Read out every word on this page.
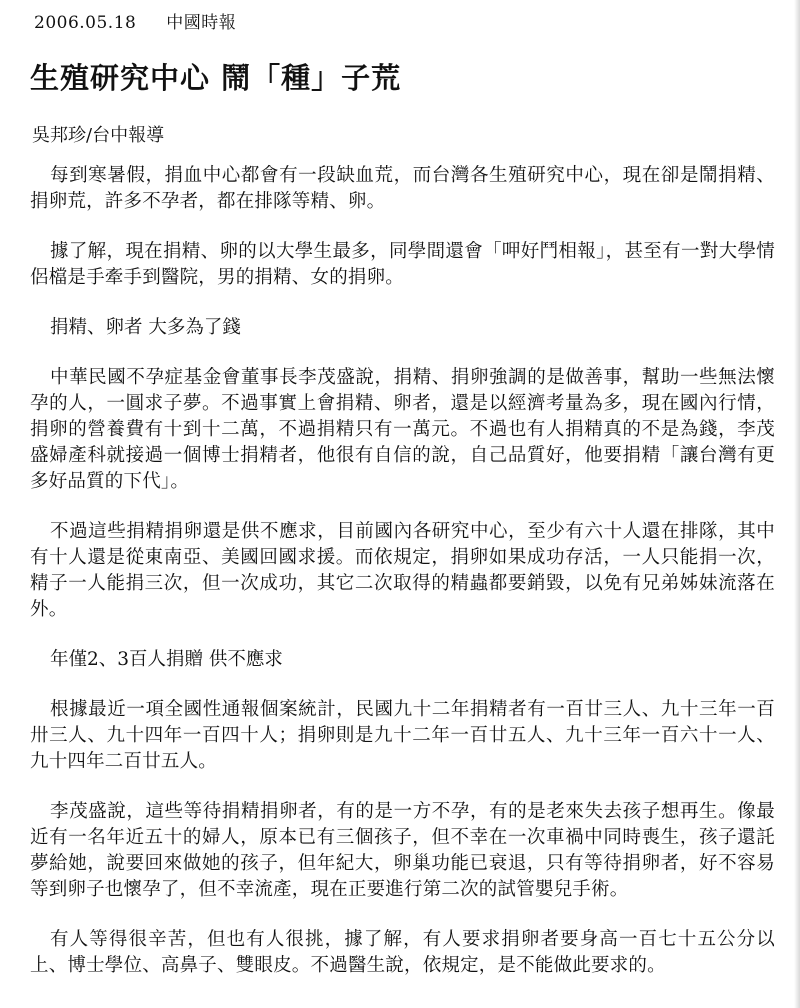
2006.05.18 中國時報
生殖研究中心 鬧「種」子荒
吳邦珍/台中報導

每到寒暑假，捐血中心都會有一段缺血荒，而台灣各生殖研究中心，現在卻是鬧捐精、捐卵荒，許多不孕者，都在排隊等精、卵。

據了解，現在捐精、卵的以大學生最多，同學間還會「呷好鬥相報」，甚至有一對大學情侶檔是手牽手到醫院，男的捐精、女的捐卵。

捐精、卵者 大多為了錢

中華民國不孕症基金會董事長李茂盛說，捐精、捐卵強調的是做善事，幫助一些無法懷孕的人，一圓求子夢。不過事實上會捐精、卵者，還是以經濟考量為多，現在國內行情，捐卵的營養費有十到十二萬，不過捐精只有一萬元。不過也有人捐精真的不是為錢，李茂盛婦產科就接過一個博士捐精者，他很有自信的說，自己品質好，他要捐精「讓台灣有更多好品質的下代」。

不過這些捐精捐卵還是供不應求，目前國內各研究中心，至少有六十人還在排隊，其中有十人還是從東南亞、美國回國求援。而依規定，捐卵如果成功存活，一人只能捐一次，精子一人能捐三次，但一次成功，其它二次取得的精蟲都要銷毀，以免有兄弟姊妹流落在外。

年僅2、3百人捐贈 供不應求

根據最近一項全國性通報個案統計，民國九十二年捐精者有一百廿三人、九十三年一百卅三人、九十四年一百四十人；捐卵則是九十二年一百廿五人、九十三年一百六十一人、九十四年二百廿五人。

李茂盛說，這些等待捐精捐卵者，有的是一方不孕，有的是老來失去孩子想再生。像最近有一名年近五十的婦人，原本已有三個孩子，但不幸在一次車禍中同時喪生，孩子還託夢給她，說要回來做她的孩子，但年紀大，卵巢功能已衰退，只有等待捐卵者，好不容易等到卵子也懷孕了，但不幸流產，現在正要進行第二次的試管嬰兒手術。

有人等得很辛苦，但也有人很挑，據了解，有人要求捐卵者要身高一百七十五公分以上、博士學位、高鼻子、雙眼皮。不過醫生說，依規定，是不能做此要求的。
